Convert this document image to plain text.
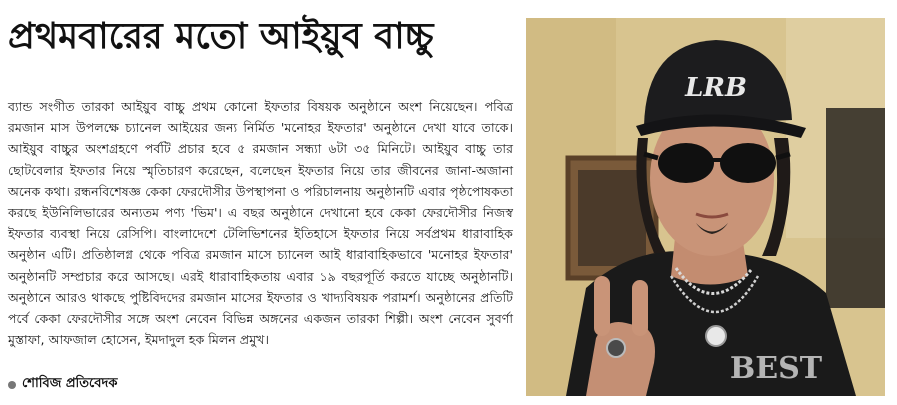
প্রথমবারের মতো আইয়ুব বাচ্চু
ব্যান্ড সংগীত তারকা আইয়ুব বাচ্চু প্রথম কোনো ইফতার বিষয়ক অনুষ্ঠানে অংশ নিয়েছেন। পবিত্র রমজান মাস উপলক্ষে চ্যানেল আইয়ের জন্য নির্মিত 'মনোহর ইফতার' অনুষ্ঠানে দেখা যাবে তাকে। আইয়ুব বাচ্চুর অংশগ্রহণে পর্বটি প্রচার হবে ৫ রমজান সন্ধ্যা ৬টা ৩৫ মিনিটে। আইয়ুব বাচ্চু তার ছোটবেলার ইফতার নিয়ে স্মৃতিচারণ করেছেন, বলেছেন ইফতার নিয়ে তার জীবনের জানা-অজানা অনেক কথা। রন্ধনবিশেষজ্ঞ কেকা ফেরদৌসীর উপস্থাপনা ও পরিচালনায় অনুষ্ঠানটি এবার পৃষ্ঠপোষকতা করছে ইউনিলিভারের অন্যতম পণ্য 'ভিম'। এ বছর অনুষ্ঠানে দেখানো হবে কেকা ফেরদৌসীর নিজস্ব ইফতার ব্যবস্থা নিয়ে রেসিপি। বাংলাদেশে টেলিভিশনের ইতিহাসে ইফতার নিয়ে সর্বপ্রথম ধারাবাহিক অনুষ্ঠান এটি। প্রতিষ্ঠালগ্ন থেকে পবিত্র রমজান মাসে চ্যানেল আই ধারাবাহিকভাবে 'মনোহর ইফতার' অনুষ্ঠানটি সম্প্রচার করে আসছে। এরই ধারাবাহিকতায় এবার ১৯ বছরপূর্তি করতে যাচ্ছে অনুষ্ঠানটি। অনুষ্ঠানে আরও থাকছে পুষ্টিবিদদের রমজান মাসের ইফতার ও খাদ্যবিষয়ক পরামর্শ। অনুষ্ঠানের প্রতিটি পর্বে কেকা ফেরদৌসীর সঙ্গে অংশ নেবেন বিভিন্ন অঙ্গনের একজন তারকা শিল্পী। অংশ নেবেন সুবর্ণা মুস্তাফা, আফজাল হোসেন, ইমদাদুল হক মিলন প্রমুখ।
শোবিজ প্রতিবেদক
LRB
BEST
